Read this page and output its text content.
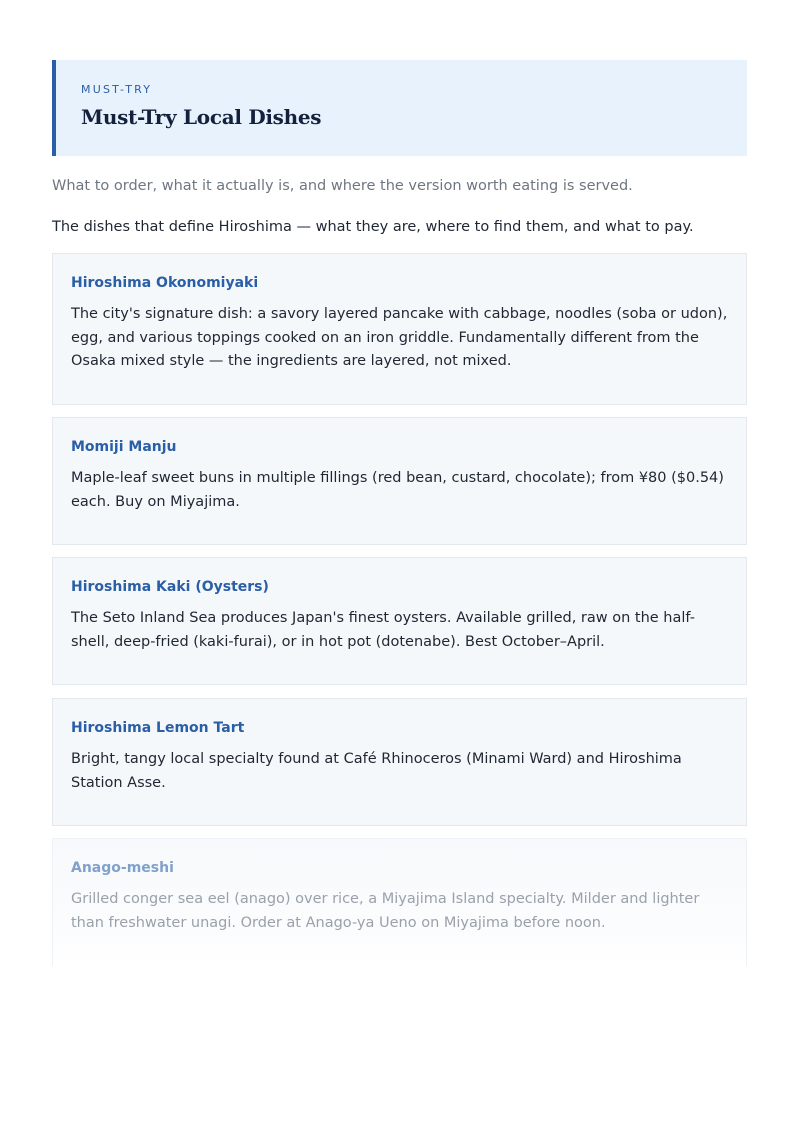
MUST-TRY
Must-Try Local Dishes
What to order, what it actually is, and where the version worth eating is served.
The dishes that define Hiroshima — what they are, where to find them, and what to pay.
Hiroshima Okonomiyaki

The city's signature dish: a savory layered pancake with cabbage, noodles (soba or udon), egg, and various toppings cooked on an iron griddle. Fundamentally different from the Osaka mixed style — the ingredients are layered, not mixed.

Momiji Manju

Maple-leaf sweet buns in multiple fillings (red bean, custard, chocolate); from ¥80 ($0.54) each. Buy on Miyajima.

Hiroshima Kaki (Oysters)

The Seto Inland Sea produces Japan's finest oysters. Available grilled, raw on the half-shell, deep-fried (kaki-furai), or in hot pot (dotenabe). Best October–April.

Hiroshima Lemon Tart

Bright, tangy local specialty found at Café Rhinoceros (Minami Ward) and Hiroshima Station Asse.

Anago-meshi

Grilled conger sea eel (anago) over rice, a Miyajima Island specialty. Milder and lighter than freshwater unagi. Order at Anago-ya Ueno on Miyajima before noon.
